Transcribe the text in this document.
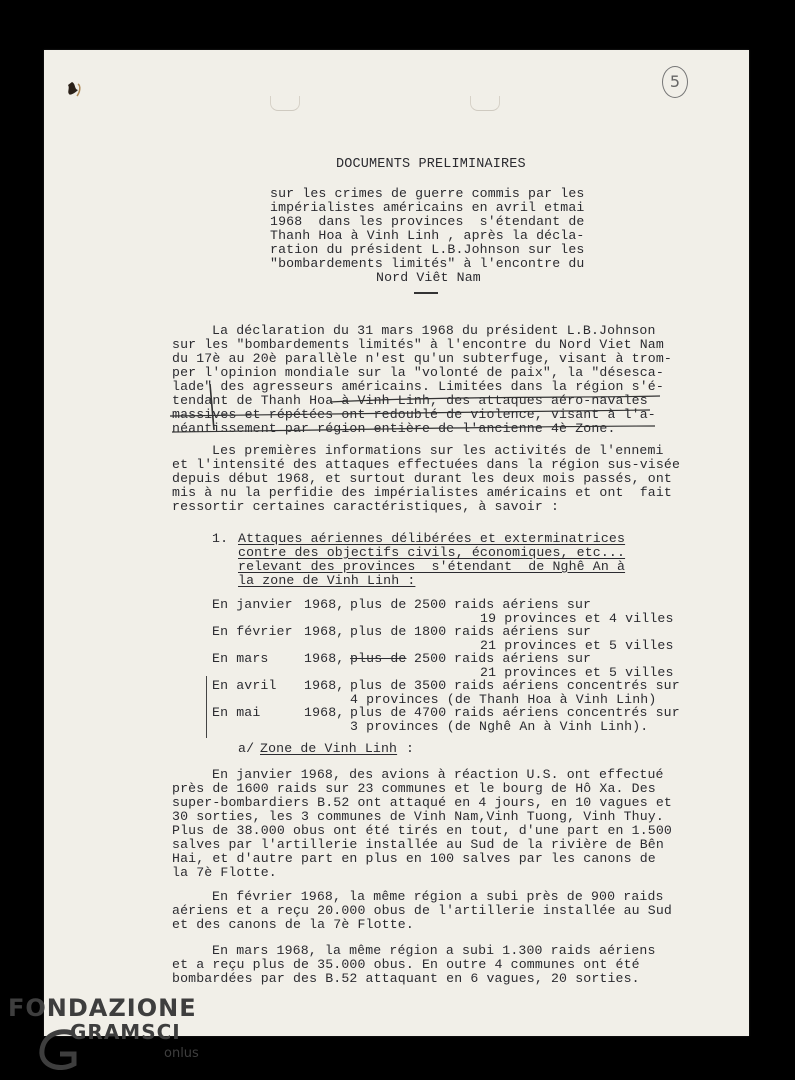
5
DOCUMENTS PRELIMINAIRES
sur les crimes de guerre commis par les
impérialistes américains en avril etmai
1968  dans les provinces  s'étendant de
Thanh Hoa à Vinh Linh , après la décla-
ration du président L.B.Johnson sur les
"bombardements limités" à l'encontre du
Nord Viêt Nam
La déclaration du 31 mars 1968 du président L.B.Johnson
sur les "bombardements limités" à l'encontre du Nord Viet Nam
du 17è au 20è parallèle n'est qu'un subterfuge, visant à trom-
per l'opinion mondiale sur la "volonté de paix", la "désesca-
lade" des agresseurs américains. Limitées dans la région s'é-
tendant de Thanh Hoa à Vinh Linh, des attaques aéro-navales
massives et répétées ont redoublé de violence, visant à l'a-
néantissement par région entière de l'ancienne 4è Zone.
Les premières informations sur les activités de l'ennemi
et l'intensité des attaques effectuées dans la région sus-visée
depuis début 1968, et surtout durant les deux mois passés, ont
mis à nu la perfidie des impérialistes américains et ont  fait
ressortir certaines caractéristiques, à savoir :
1. Attaques aériennes délibérées et exterminatrices
contre des objectifs civils, économiques, etc...
relevant des provinces  s'étendant  de Nghê An à
la zone de Vinh Linh :
En janvier 1968, plus de 2500 raids aériens sur
19 provinces et 4 villes
En février 1968, plus de 1800 raids aériens sur
21 provinces et 5 villes
En mars	1968, plus de 2500 raids aériens sur
21 provinces et 5 villes
En avril 1968, plus de 3500 raids aériens concentrés sur
4 provinces (de Thanh Hoa à Vinh Linh)
En mai	1968, plus de 4700 raids aériens concentrés sur
3 provinces (de Nghê An à Vinh Linh).
a/ Zone de Vinh Linh :
En janvier 1968, des avions à réaction U.S. ont effectué
près de 1600 raids sur 23 communes et le bourg de Hô Xa. Des
super-bombardiers B.52 ont attaqué en 4 jours, en 10 vagues et
30 sorties, les 3 communes de Vinh Nam,Vinh Tuong, Vinh Thuy.
Plus de 38.000 obus ont été tirés en tout, d'une part en 1.500
salves par l'artillerie installée au Sud de la rivière de Bên
Hai, et d'autre part en plus en 100 salves par les canons de
la 7è Flotte.
En février 1968, la même région a subi près de 900 raids
aériens et a reçu 20.000 obus de l'artillerie installée au Sud
et des canons de la 7è Flotte.
En mars 1968, la même région a subi 1.300 raids aériens
et a reçu plus de 35.000 obus. En outre 4 communes ont été
bombardées par des B.52 attaquant en 6 vagues, 20 sorties.
FONDAZIONE
GRAMSCI
onlus
